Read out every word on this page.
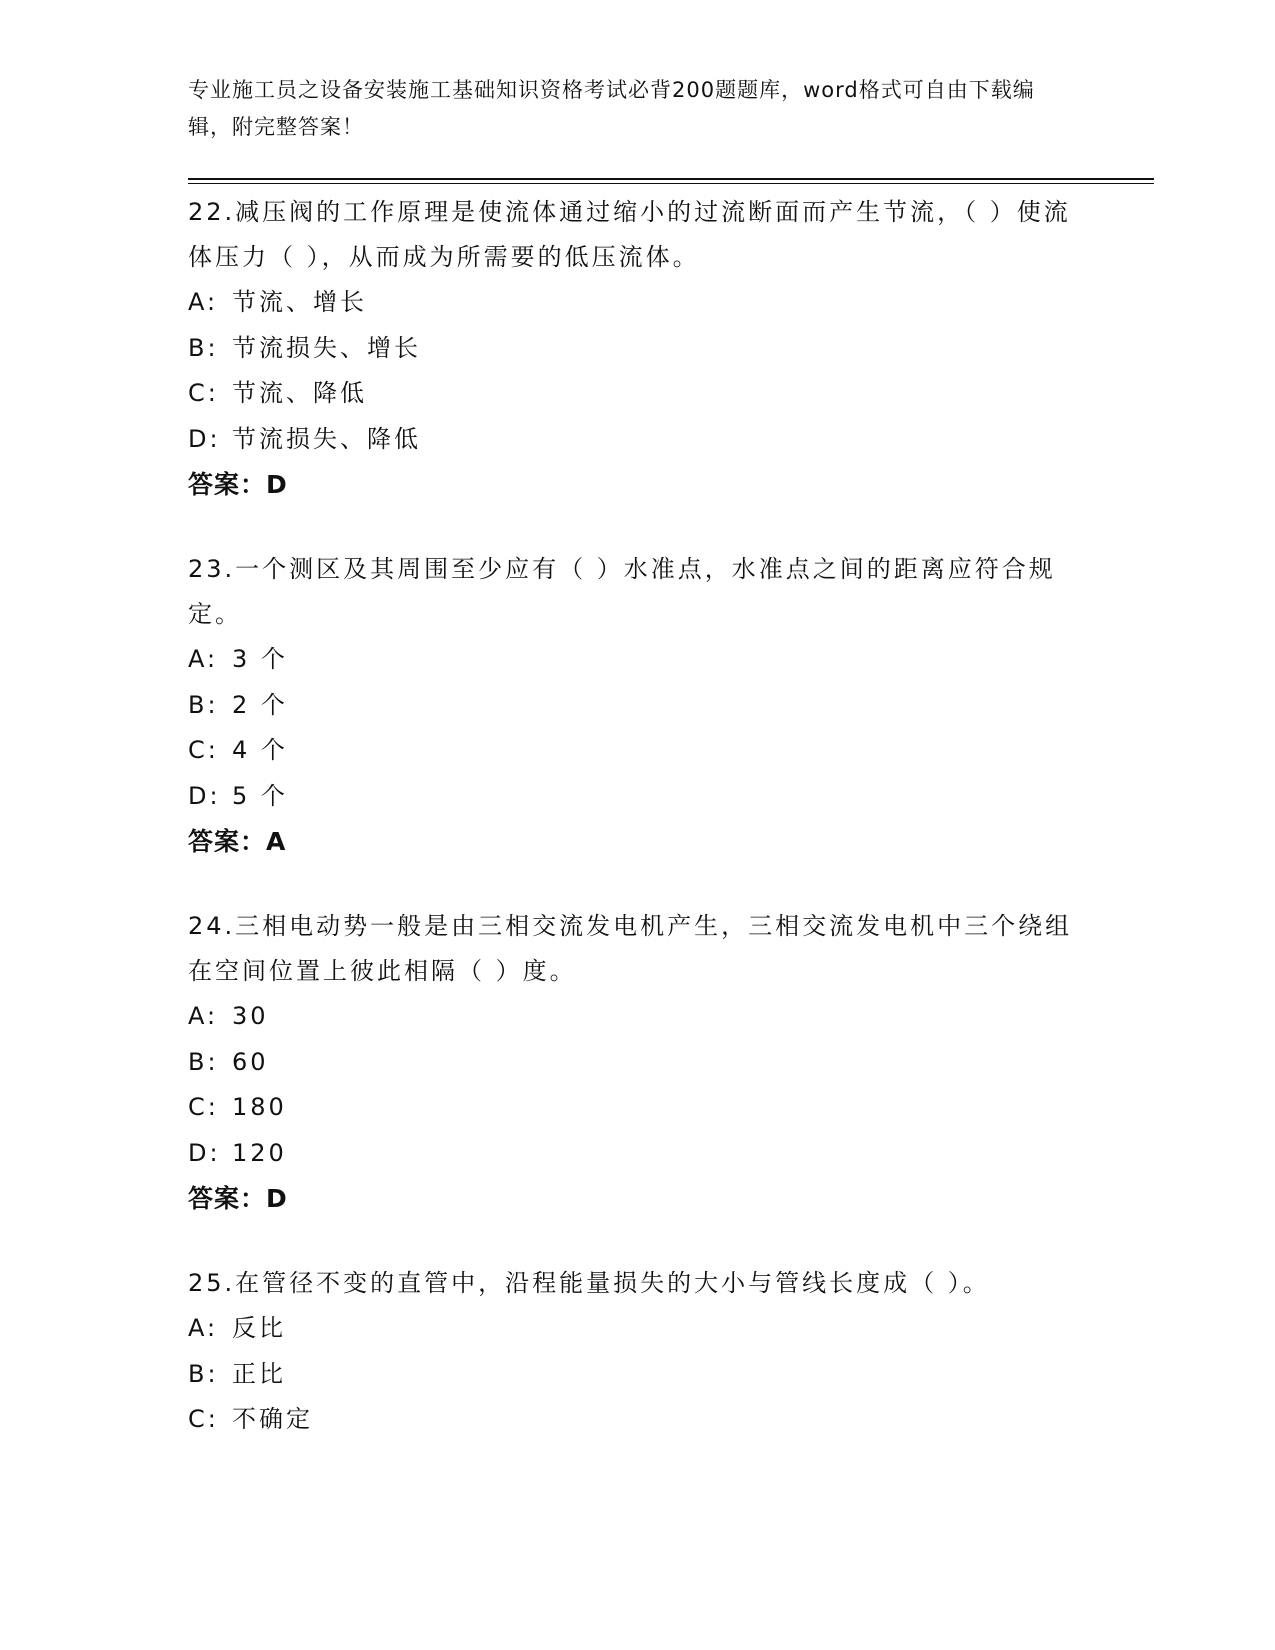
专业施工员之设备安装施工基础知识资格考试必背200题题库，word格式可自由下载编辑，附完整答案！

22.减压阀的工作原理是使流体通过缩小的过流断面而产生节流，（ ）使流体压力（ ），从而成为所需要的低压流体。

A: 节流、增长

B: 节流损失、增长

C: 节流、降低

D: 节流损失、降低

答案：D

23.一个测区及其周围至少应有（ ）水准点，水准点之间的距离应符合规定。

A: 3 个

B: 2 个

C: 4 个

D: 5 个

答案：A

24.三相电动势一般是由三相交流发电机产生，三相交流发电机中三个绕组在空间位置上彼此相隔（ ）度。

A: 30

B: 60

C: 180

D: 120

答案：D

25.在管径不变的直管中，沿程能量损失的大小与管线长度成（ ）。

A: 反比

B: 正比

C: 不确定
